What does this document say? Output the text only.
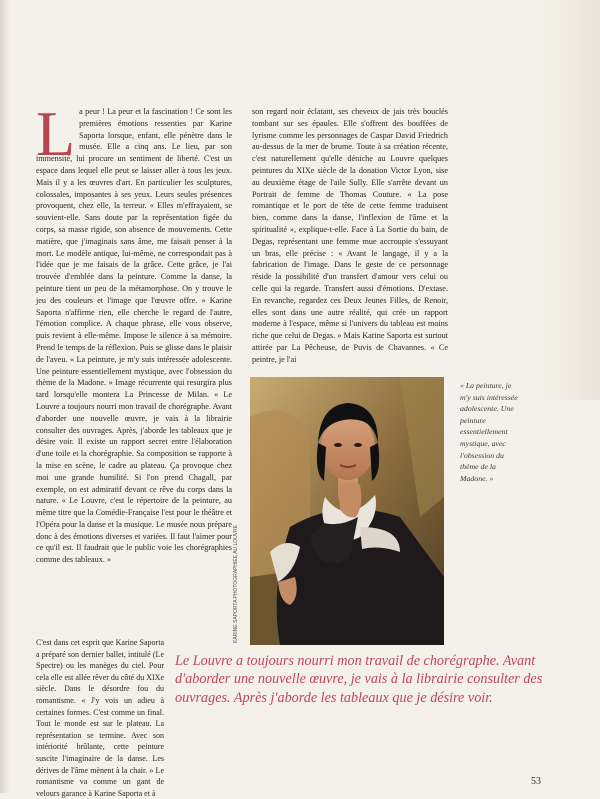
L a peur ! La peur et la fascination ! Ce sont les premières émotions ressenties par Karine Saporta lorsque, enfant, elle pénètre dans le musée. Elle a cinq ans. Le lieu, par son immensité, lui procure un sentiment de liberté. C'est un espace dans lequel elle peut se laisser aller à tous les jeux. Mais il y a les œuvres d'art. En particulier les sculptures, colossales, imposantes à ses yeux. Leurs seules présences provoquent, chez elle, la terreur. « Elles m'effrayaient, se souvient-elle. Sans doute par la représentation figée du corps, sa masse rigide, son absence de mouvements. Cette matière, que j'imaginais sans âme, me faisait penser à la mort. Le modèle antique, lui-même, ne correspondait pas à l'idée que je me faisais de la grâce. Cette grâce, je l'ai trouvée d'emblée dans la peinture. Comme la danse, la peinture tient un peu de la métamorphose. On y trouve le jeu des couleurs et l'image que l'œuvre offre. » Karine Saporta n'affirme rien, elle cherche le regard de l'autre, l'émotion complice. A chaque phrase, elle vous observe, puis revient à elle-même. Impose le silence à sa mémoire. Prend le temps de la réflexion. Puis se glisse dans le plaisir de l'aveu. « La peinture, je m'y suis intéressée adolescente. Une peinture essentiellement mystique, avec l'obsession du thème de la Madone. » Image récurrente qui resurgira plus tard lorsqu'elle montera La Princesse de Milan. « Le Louvre a toujours nourri mon travail de chorégraphe. Avant d'aborder une nouvelle œuvre, je vais à la librairie consulter des ouvrages. Après, j'aborde les tableaux que je désire voir. Il existe un rapport secret entre l'élaboration d'une toile et la chorégraphie. Sa composition se rapporte à la mise en scène, le cadre au plateau. Ça provoque chez moi une grande humilité. Si l'on prend Chagall, par exemple, on est admiratif devant ce rêve du corps dans la nature. « Le Louvre, c'est le répertoire de la peinture, au même titre que la Comédie-Française l'est pour le théâtre et l'Opéra pour la danse et la musique. Le musée nous prépare donc à des émotions diverses et variées. Il faut l'aimer pour ce qu'il est. Il faudrait que le public voie les chorégraphies comme des tableaux. »

C'est dans cet esprit que Karine Saporta a préparé son dernier ballet, intitulé (Le Spectre) ou les manèges du ciel. Pour cela elle est allée rêver du côté du XIXe siècle. Dans le désordre fou du romantisme. « J'y vois un adieu à certaines formes. C'est comme un final. Tout le monde est sur le plateau. La représentation se termine. Avec son intériorité brûlante, cette peinture suscite l'imaginaire de la danse. Les dérives de l'âme mènent à la chair. » Le romantisme va comme un gant de velours garance à Karine Saporta et à

son regard noir éclatant, ses cheveux de jais très bouclés tombant sur ses épaules. Elle s'offrent des bouffées de lyrisme comme les personnages de Caspar David Friedrich au-dessus de la mer de brume. Toute à sa création récente, c'est naturellement qu'elle déniche au Louvre quelques peintures du XIXe siècle de la donation Victor Lyon, sise au deuxième étage de l'aile Sully. Elle s'arrête devant un Portrait de femme de Thomas Couture. « La pose romantique et le port de tête de cette femme traduisent bien, comme dans la danse, l'inflexion de l'âme et la spiritualité », explique-t-elle. Face à La Sortie du bain, de Degas, représentant une femme mue accroupie s'essuyant un bras, elle précise : « Avant le langage, il y a la fabrication de l'image. Dans le geste de ce personnage réside la possibilité d'un transfert d'amour vers celui ou celle qui la regarde. Transfert aussi d'émotions. D'extase. En revanche, regardez ces Deux Jeunes Filles, de Renoir, elles sont dans une autre réalité, qui crée un rapport moderne à l'espace, même si l'univers du tableau est moins riche que celui de Degas. » Mais Karine Saporta est surtout attirée par La Pêcheuse, de Puvis de Chavannes. « Ce peintre, je l'ai

KARINE SAPORTA PHOTOGRAPHIÉE AU LOUVRE
« La peinture, je m'y suis intéressée adolescente. Une peinture essentiellement mystique, avec l'obsession du thème de la Madone. »
Le Louvre a toujours nourri mon travail de chorégraphe. Avant d'aborder une nouvelle œuvre, je vais à la librairie consulter des ouvrages. Après j'aborde les tableaux que je désire voir.
53
